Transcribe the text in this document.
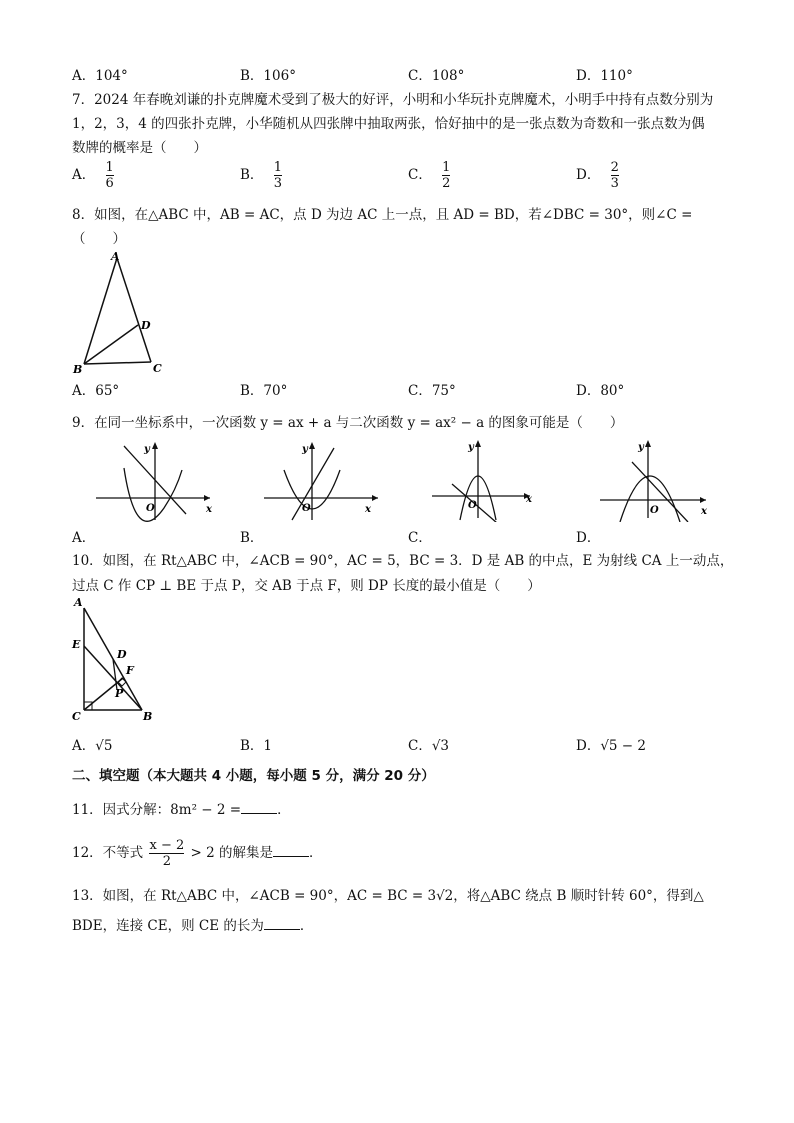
A．104°	B．106°	C．108°	D．110°
7．2024 年春晚刘谦的扑克牌魔术受到了极大的好评，小明和小华玩扑克牌魔术，小明手中持有点数分别为
1，2，3，4 的四张扑克牌，小华随机从四张牌中抽取两张，恰好抽中的是一张点数为奇数和一张点数为偶
数牌的概率是（　　）
A． $\frac{1}{6}$	B． $\frac{1}{3}$	C． $\frac{1}{2}$	D． $\frac{2}{3}$
8．如图，在△ABC 中，AB = AC，点 D 为边 AC 上一点，且 AD = BD，若∠DBC = 30°，则∠C =
（　　）
A
B	C
D
A．65°	B．70°	C．75°	D．80°
9．在同一坐标系中，一次函数 y = ax + a 与二次函数 y = ax² − a 的图象可能是（　　）
O	x
y
A．
O	x
y
B．
O
x
y
C．
O	x
y
D．
10．如图，在 Rt△ABC 中，∠ACB = 90°，AC = 5，BC = 3．D 是 AB 的中点，E 为射线 CA 上一动点，
过点 C 作 CP ⊥ BE 于点 P，交 AB 于点 F，则 DP 长度的最小值是（　　）
A
E
D
F
P
C	B
A．√5	B．1	C．√3	D．√5 − 2
二、填空题（本大题共 4 小题，每小题 5 分，满分 20 分）
11．因式分解：8m² − 2 =	．
12．不等式 $\frac{x - 2}{2} > 2$ 的解集是	．
13．如图，在 Rt△ABC 中，∠ACB = 90°，AC = BC = 3√2，将△ABC 绕点 B 顺时针转 60°，得到△
BDE，连接 CE，则 CE 的长为	．
